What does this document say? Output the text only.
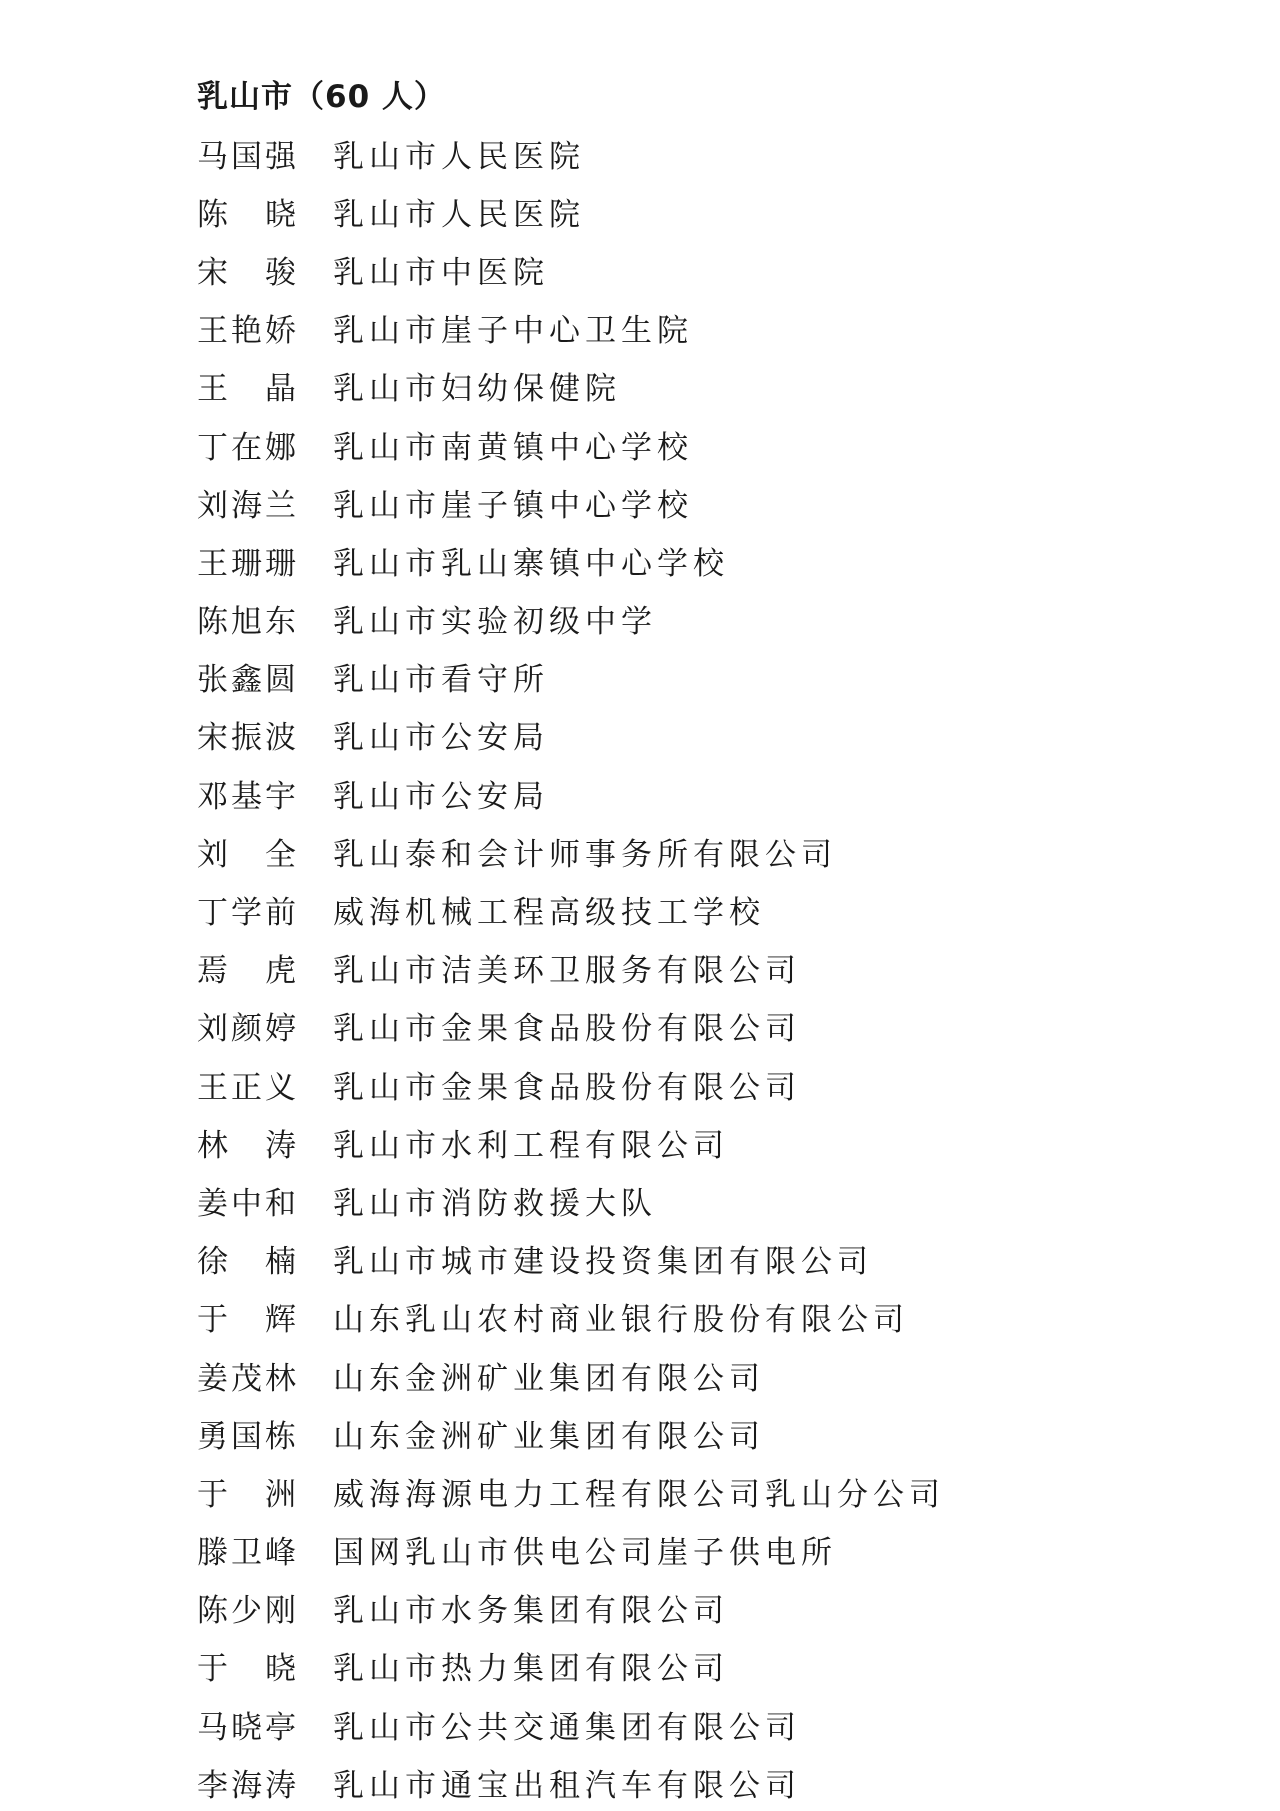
乳山市（60 人）
马 国 强 乳山市人民医院
陈 晓 乳山市人民医院
宋 骏 乳山市中医院
王 艳 娇 乳山市崖子中心卫生院
王 晶 乳山市妇幼保健院
丁 在 娜 乳山市南黄镇中心学校
刘 海 兰 乳山市崖子镇中心学校
王 珊 珊 乳山市乳山寨镇中心学校
陈 旭 东 乳山市实验初级中学
张 鑫 圆 乳山市看守所
宋 振 波 乳山市公安局
邓 基 宇 乳山市公安局
刘 全 乳山泰和会计师事务所有限公司
丁 学 前 威海机械工程高级技工学校
焉 虎 乳山市洁美环卫服务有限公司
刘 颜 婷 乳山市金果食品股份有限公司
王 正 义 乳山市金果食品股份有限公司
林 涛 乳山市水利工程有限公司
姜 中 和 乳山市消防救援大队
徐 楠 乳山市城市建设投资集团有限公司
于 辉 山东乳山农村商业银行股份有限公司
姜 茂 林 山东金洲矿业集团有限公司
勇 国 栋 山东金洲矿业集团有限公司
于 洲 威海海源电力工程有限公司乳山分公司
滕 卫 峰 国网乳山市供电公司崖子供电所
陈 少 刚 乳山市水务集团有限公司
于 晓 乳山市热力集团有限公司
马 晓 亭 乳山市公共交通集团有限公司
李 海 涛 乳山市通宝出租汽车有限公司
